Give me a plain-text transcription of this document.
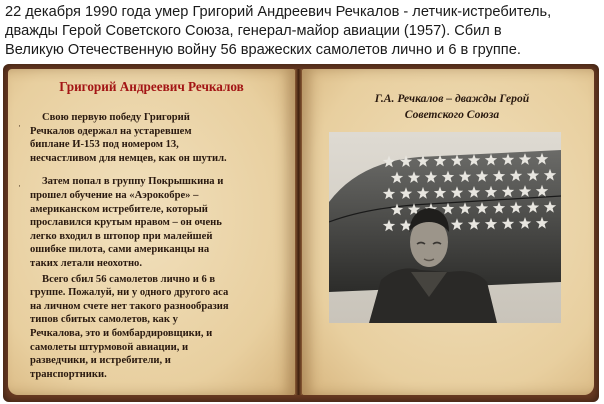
22 декабря 1990 года умер Григорий Андреевич Речкалов - летчик-истребитель,
дважды Герой Советского Союза, генерал-майор авиации (1957). Сбил в
Великую Отечественную войну 56 вражеских самолетов лично и 6 в группе.
Григорий Андреевич Речкалов
Свою первую победу Григорий
Речкалов одержал на устаревшем
биплане И-153 под номером 13,
несчастливом для немцев, как он шутил.
Затем попал в группу Покрышкина и
прошел обучение на «Аэрокобре» –
американском истребителе, который
прославился крутым нравом – он очень
легко входил в штопор при малейшей
ошибке пилота, сами американцы на
таких летали неохотно.
Всего сбил 56 самолетов лично и 6 в
группе. Пожалуй, ни у одного другого аса
на личном счете нет такого разнообразия
типов сбитых самолетов, как у
Речкалова, это и бомбардировщики, и
самолеты штурмовой авиации, и
разведчики, и истребители, и
транспортники.
·
·
Г.А. Речкалов – дважды Герой
Советского Союза
